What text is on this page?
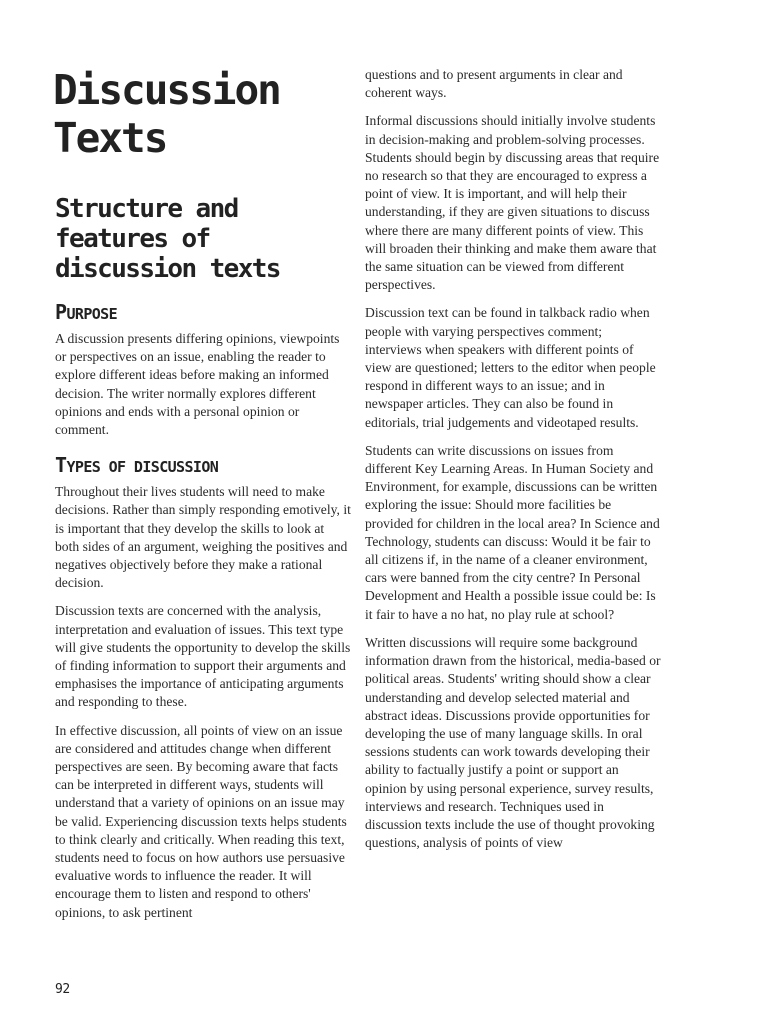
Discussion
Texts
Structure and features of discussion texts
PURPOSE

A discussion presents differing opinions, viewpoints or perspectives on an issue, enabling the reader to explore different ideas before making an informed decision. The writer normally explores different opinions and ends with a personal opinion or comment.

TYPES OF DISCUSSION

Throughout their lives students will need to make decisions. Rather than simply responding emotively, it is important that they develop the skills to look at both sides of an argument, weighing the positives and negatives objectively before they make a rational decision.

Discussion texts are concerned with the analysis, interpretation and evaluation of issues. This text type will give students the opportunity to develop the skills of finding information to support their arguments and emphasises the importance of anticipating arguments and responding to these.

In effective discussion, all points of view on an issue are considered and attitudes change when different perspectives are seen. By becoming aware that facts can be interpreted in different ways, students will understand that a variety of opinions on an issue may be valid. Experiencing discussion texts helps students to think clearly and critically. When reading this text, students need to focus on how authors use persuasive evaluative words to influence the reader. It will encourage them to listen and respond to others' opinions, to ask pertinent

questions and to present arguments in clear and coherent ways.

Informal discussions should initially involve students in decision-making and problem-solving processes. Students should begin by discussing areas that require no research so that they are encouraged to express a point of view. It is important, and will help their understanding, if they are given situations to discuss where there are many different points of view. This will broaden their thinking and make them aware that the same situation can be viewed from different perspectives.

Discussion text can be found in talkback radio when people with varying perspectives comment; interviews when speakers with different points of view are questioned; letters to the editor when people respond in different ways to an issue; and in newspaper articles. They can also be found in editorials, trial judgements and videotaped results.

Students can write discussions on issues from different Key Learning Areas. In Human Society and Environment, for example, discussions can be written exploring the issue: Should more facilities be provided for children in the local area? In Science and Technology, students can discuss: Would it be fair to all citizens if, in the name of a cleaner environment, cars were banned from the city centre? In Personal Development and Health a possible issue could be: Is it fair to have a no hat, no play rule at school?

Written discussions will require some background information drawn from the historical, media-based or political areas. Students' writing should show a clear understanding and develop selected material and abstract ideas. Discussions provide opportunities for developing the use of many language skills. In oral sessions students can work towards developing their ability to factually justify a point or support an opinion by using personal experience, survey results, interviews and research. Techniques used in discussion texts include the use of thought provoking questions, analysis of points of view

92
